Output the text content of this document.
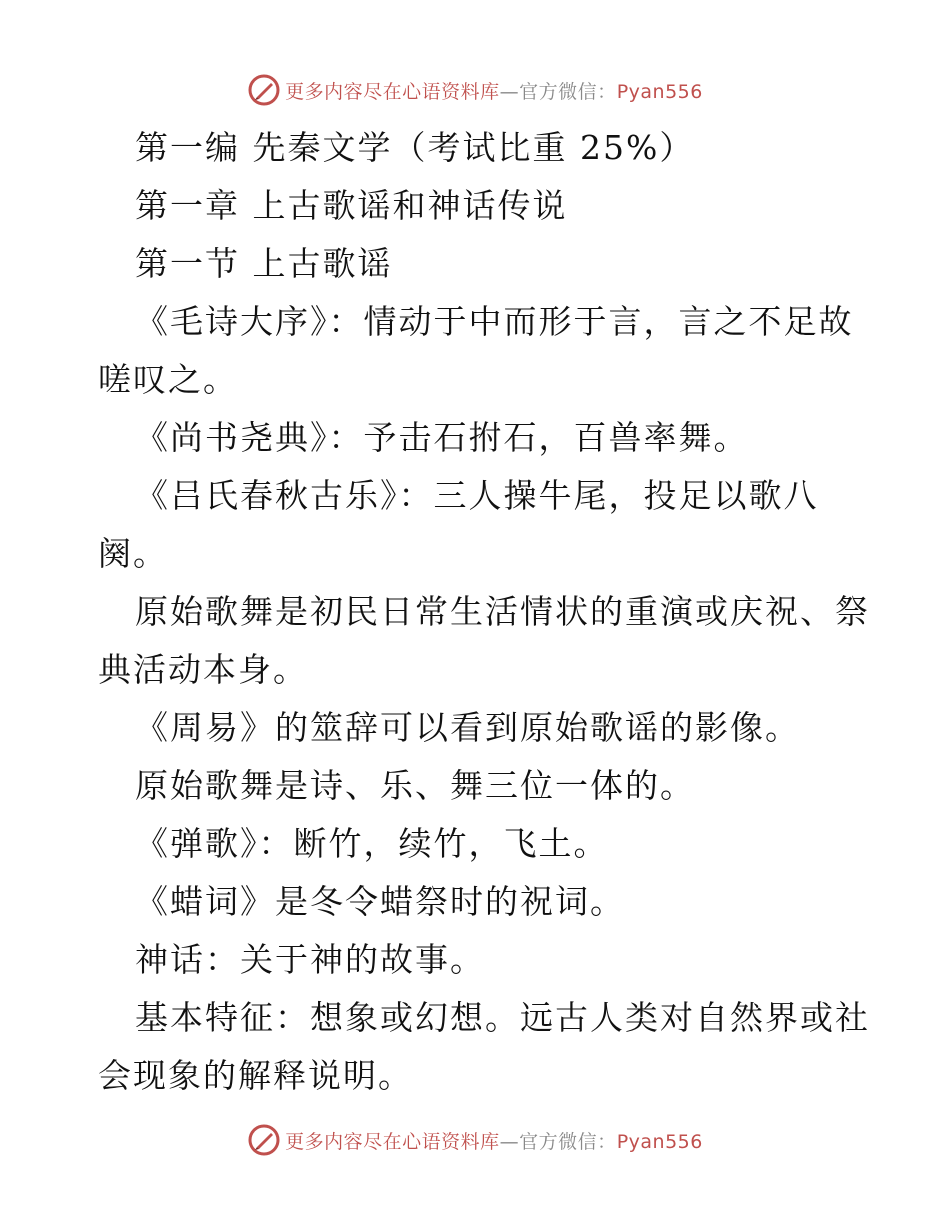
更多内容尽在心语资料库—官方微信：Pyan556
第一编 先秦文学（考试比重 25%）
第一章 上古歌谣和神话传说
第一节 上古歌谣
《毛诗大序》：情动于中而形于言，言之不足故
嗟叹之。
《尚书尧典》：予击石拊石，百兽率舞。
《吕氏春秋古乐》：三人操牛尾，投足以歌八
阕。
原始歌舞是初民日常生活情状的重演或庆祝、祭
典活动本身。
《周易》的筮辞可以看到原始歌谣的影像。
原始歌舞是诗、乐、舞三位一体的。
《弹歌》：断竹，续竹，飞土。
《蜡词》是冬令蜡祭时的祝词。
神话：关于神的故事。
基本特征：想象或幻想。远古人类对自然界或社
会现象的解释说明。
更多内容尽在心语资料库—官方微信：Pyan556
